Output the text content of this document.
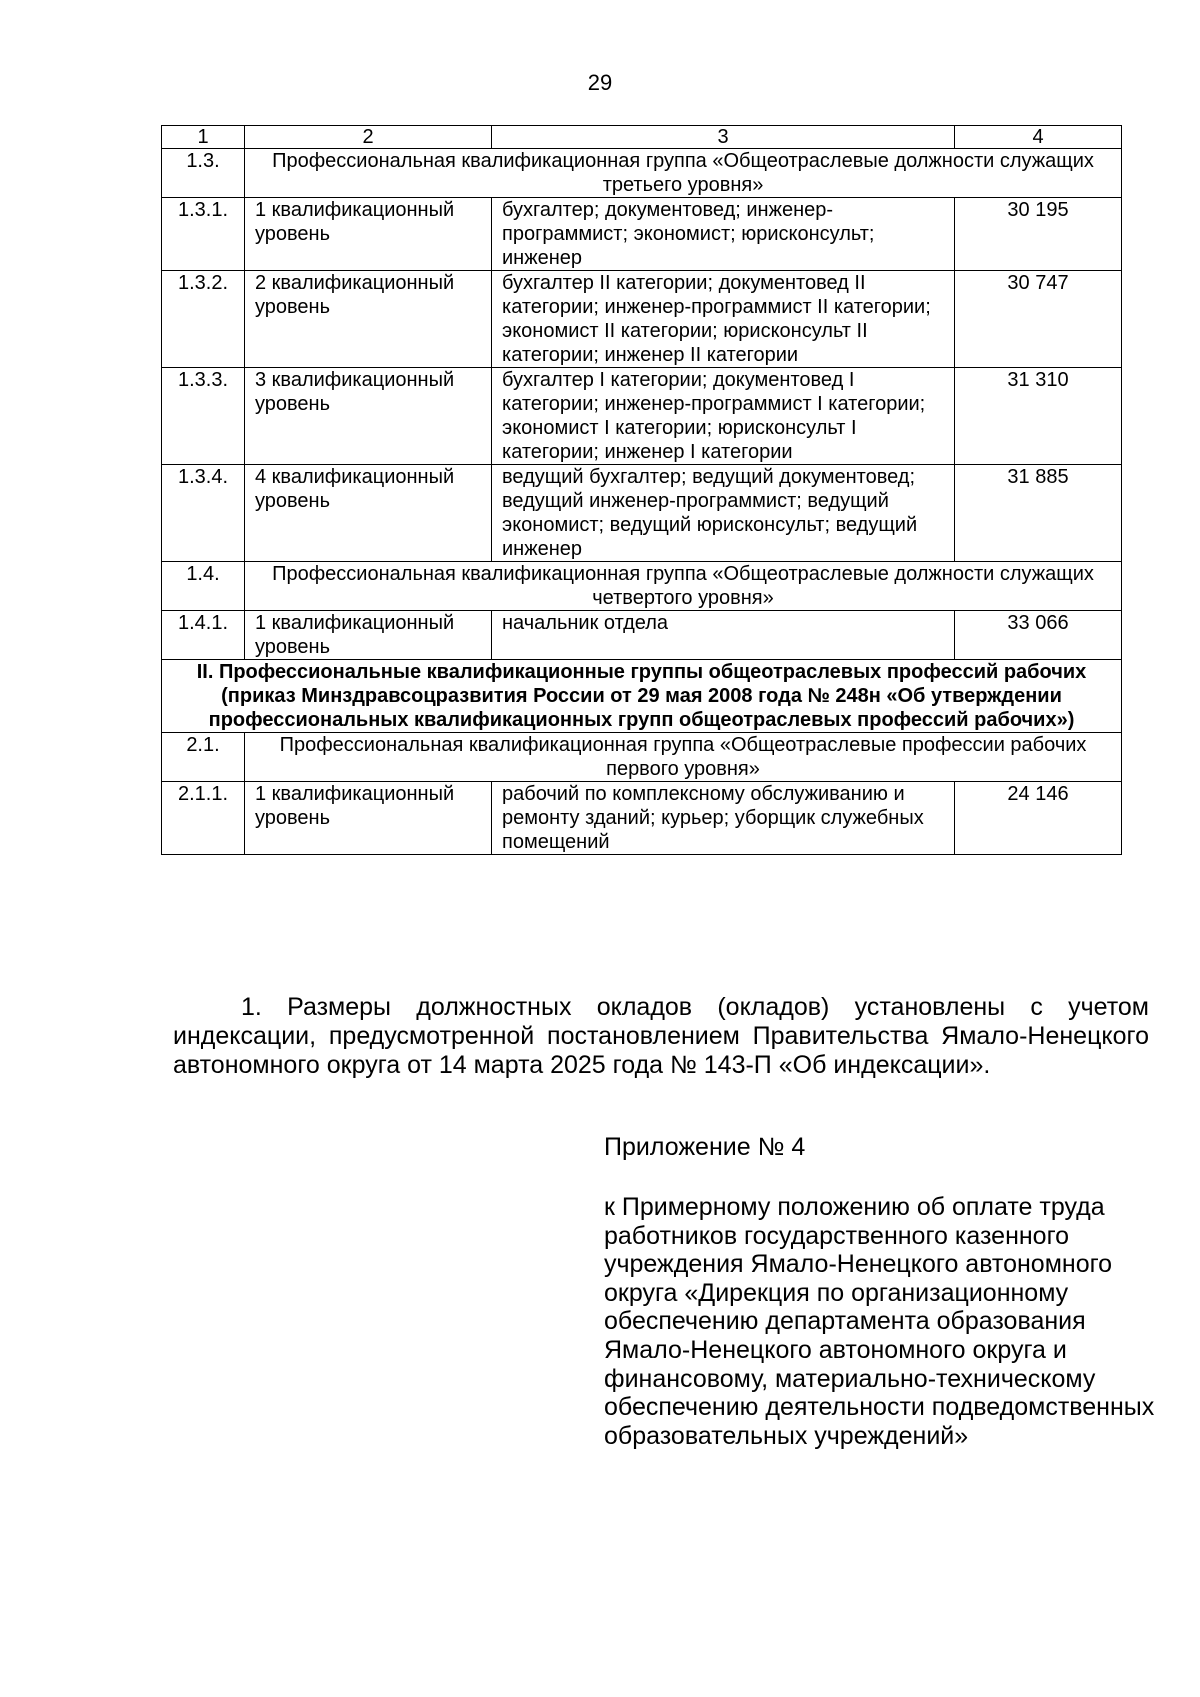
29
1	2	3	4
1.3.	Профессиональная квалификационная группа «Общеотраслевые должности служащих третьего уровня»		
1.3.1.	1 квалификационный уровень	бухгалтер; документовед; инженер-программист; экономист; юрисконсульт; инженер	30 195
1.3.2.	2 квалификационный уровень	бухгалтер II категории; документовед II категории; инженер-программист II категории; экономист II категории; юрисконсульт II категории; инженер II категории	30 747
1.3.3.	3 квалификационный уровень	бухгалтер I категории; документовед I категории; инженер-программист I категории; экономист I категории; юрисконсульт I категории; инженер I категории	31 310
1.3.4.	4 квалификационный уровень	ведущий бухгалтер; ведущий документовед; ведущий инженер-программист; ведущий экономист; ведущий юрисконсульт; ведущий инженер	31 885
1.4.	Профессиональная квалификационная группа «Общеотраслевые должности служащих четвертого уровня»		
1.4.1.	1 квалификационный уровень	начальник отдела	33 066
II. Профессиональные квалификационные группы общеотраслевых профессий рабочих (приказ Минздравсоцразвития России от 29 мая 2008 года № 248н «Об утверждении профессиональных квалификационных групп общеотраслевых профессий рабочих»)			
2.1.	Профессиональная квалификационная группа «Общеотраслевые профессии рабочих первого уровня»		
2.1.1.	1 квалификационный уровень	рабочий по комплексному обслуживанию и ремонту зданий; курьер; уборщик служебных помещений	24 146

1. Размеры должностных окладов (окладов) установлены с учетом индексации, предусмотренной постановлением Правительства Ямало-Ненецкого автономного округа от 14 марта 2025 года № 143-П «Об индексации».

Приложение № 4

к Примерному положению об оплате труда работников государственного казенного учреждения Ямало-Ненецкого автономного округа «Дирекция по организационному обеспечению департамента образования Ямало-Ненецкого автономного округа и финансовому, материально-техническому обеспечению деятельности подведомственных образовательных учреждений»
